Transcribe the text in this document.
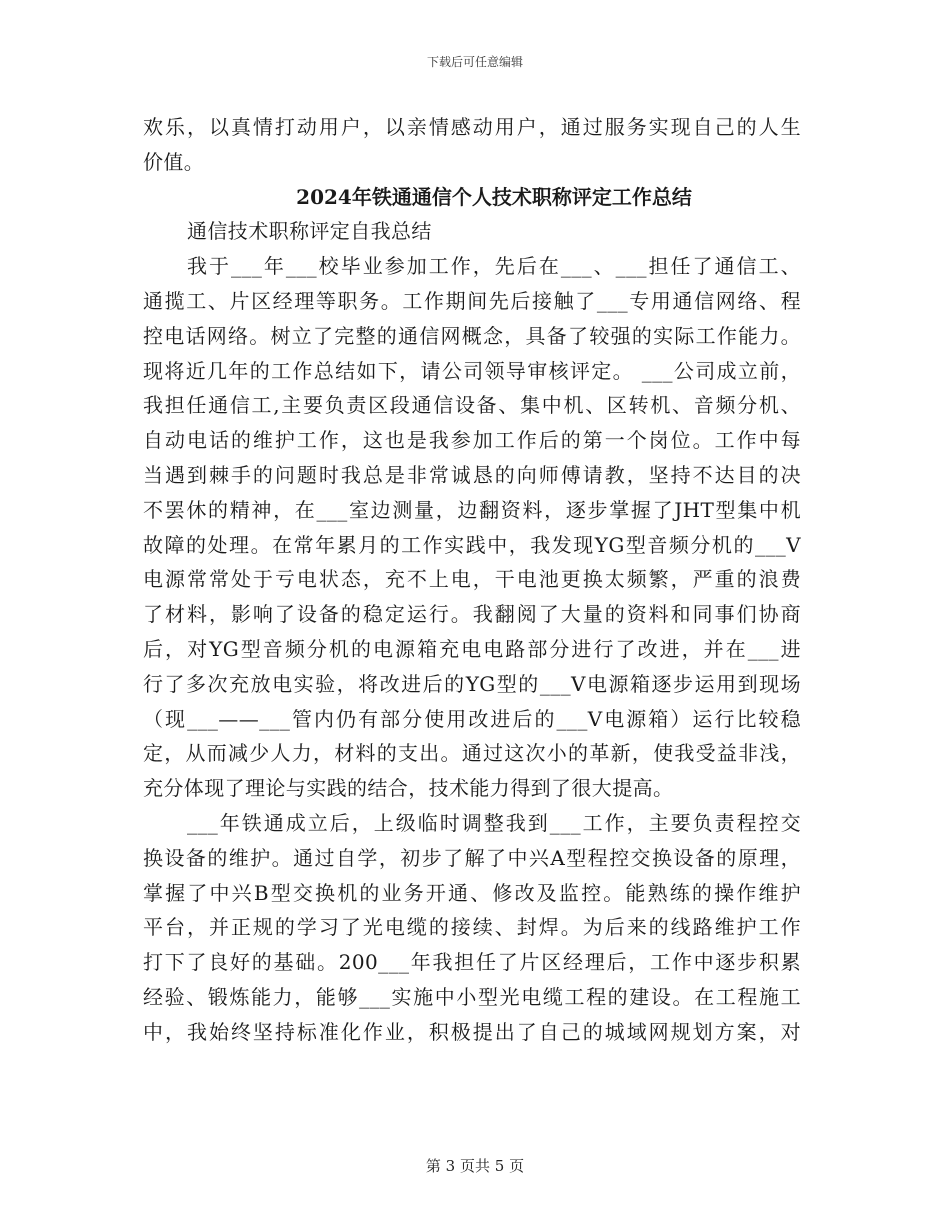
下载后可任意编辑
欢乐，以真情打动用户，以亲情感动用户，通过服务实现自己的人生
价值。
2024年铁通通信个人技术职称评定工作总结
通信技术职称评定自我总结
我于___年___校毕业参加工作，先后在___、___担任了通信工、
通揽工、片区经理等职务。工作期间先后接触了___专用通信网络、程
控电话网络。树立了完整的通信网概念，具备了较强的实际工作能力。
现将近几年的工作总结如下，请公司领导审核评定。 ___公司成立前，
我担任通信工,主要负责区段通信设备、集中机、区转机、音频分机、
自动电话的维护工作，这也是我参加工作后的第一个岗位。工作中每
当遇到棘手的问题时我总是非常诚恳的向师傅请教，坚持不达目的决
不罢休的精神，在___室边测量，边翻资料，逐步掌握了JHT型集中机
故障的处理。在常年累月的工作实践中，我发现YG型音频分机的___V
电源常常处于亏电状态，充不上电，干电池更换太频繁，严重的浪费
了材料，影响了设备的稳定运行。我翻阅了大量的资料和同事们协商
后，对YG型音频分机的电源箱充电电路部分进行了改进，并在___进
行了多次充放电实验，将改进后的YG型的___V电源箱逐步运用到现场
（现___——___管内仍有部分使用改进后的___V电源箱）运行比较稳
定，从而减少人力，材料的支出。通过这次小的革新，使我受益非浅，
充分体现了理论与实践的结合，技术能力得到了很大提高。
___年铁通成立后，上级临时调整我到___工作，主要负责程控交
换设备的维护。通过自学，初步了解了中兴A型程控交换设备的原理，
掌握了中兴B型交换机的业务开通、修改及监控。能熟练的操作维护
平台，并正规的学习了光电缆的接续、封焊。为后来的线路维护工作
打下了良好的基础。200___年我担任了片区经理后，工作中逐步积累
经验、锻炼能力，能够___实施中小型光电缆工程的建设。在工程施工
中，我始终坚持标准化作业，积极提出了自己的城域网规划方案，对
第 3 页共 5 页
